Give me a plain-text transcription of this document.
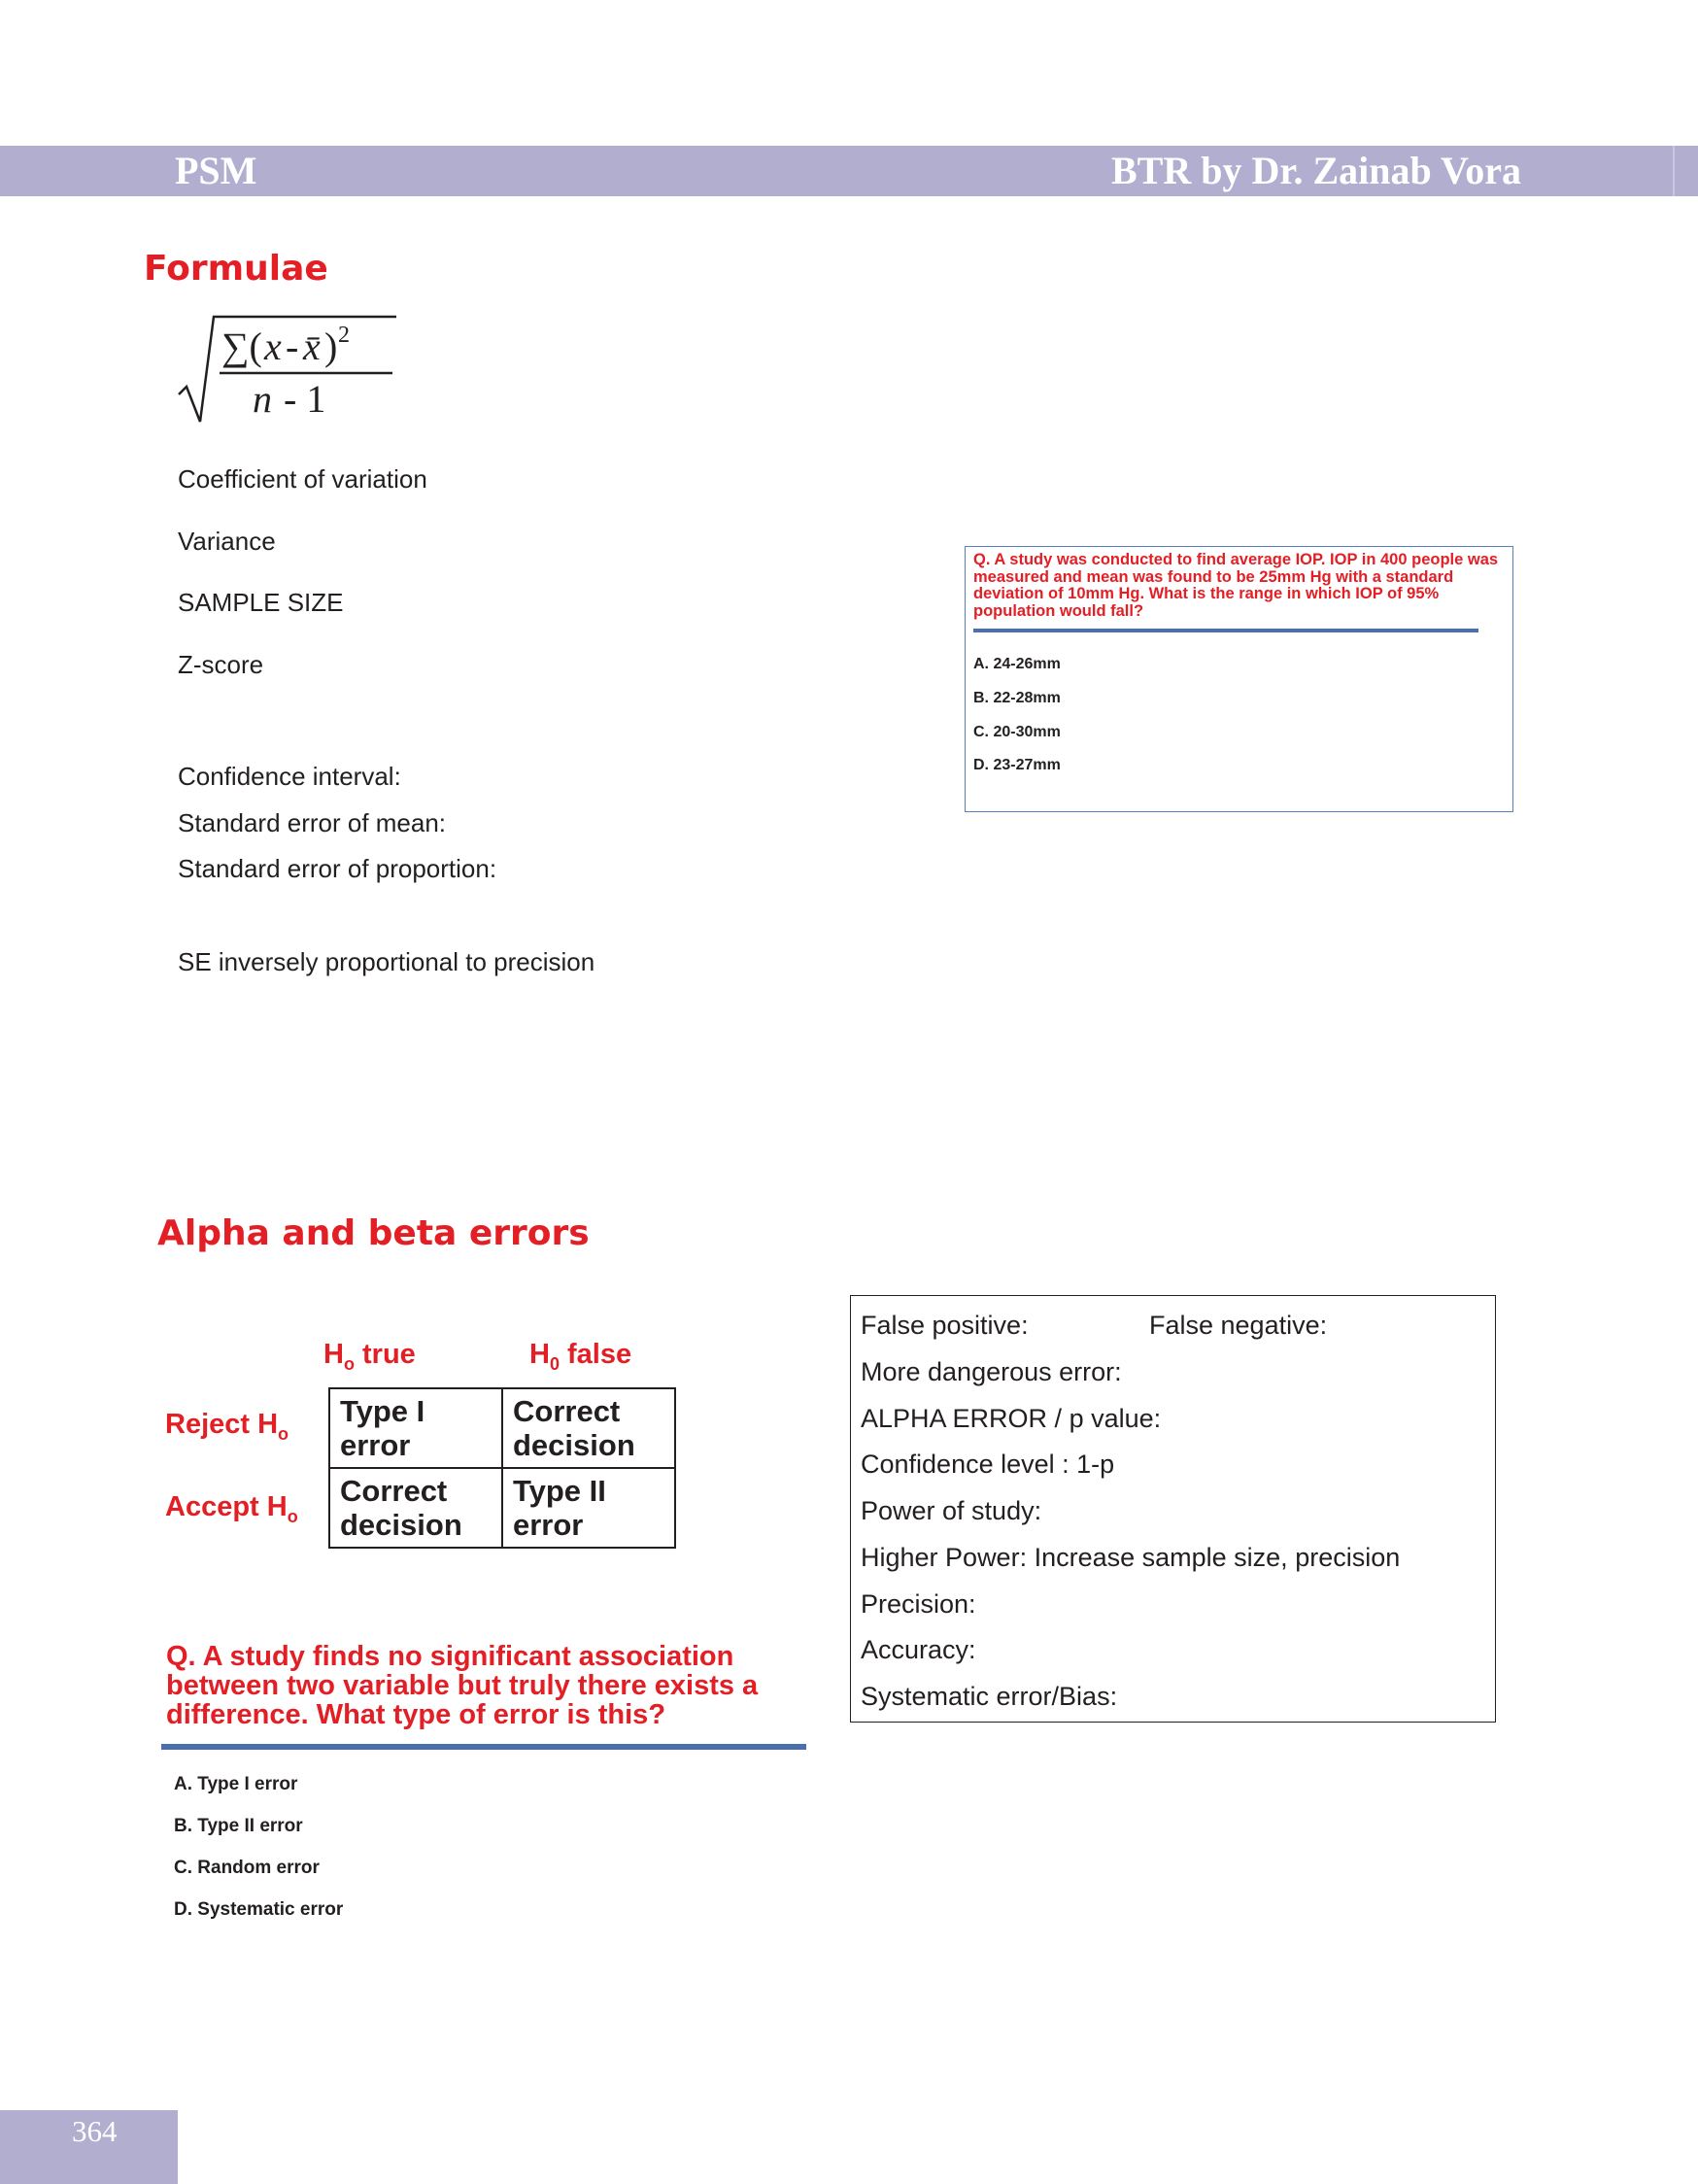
PSM	BTR by Dr. Zainab Vora
Formulae
∑( x - x̄ ) 2
n - 1
Coefficient of variation
Variance
SAMPLE SIZE
Z-score
Confidence interval:
Standard error of mean:
Standard error of proportion:
SE inversely proportional to precision
Q. A study was conducted to find average IOP. IOP in 400 people was measured and mean was found to be 25mm Hg with a standard deviation of 10mm Hg. What is the range in which IOP of 95% population would fall?
A. 24-26mm
B. 22-28mm
C. 20-30mm
D. 23-27mm
Alpha and beta errors
$H_o$ true	$H_0$ false
Reject $H_o$
Accept $H_o$
Type I error	Correct decision
Correct decision	Type II error
Q. A study finds no significant association between two variable but truly there exists a difference. What type of error is this?
A. Type I error
B. Type II error
C. Random error
D. Systematic error
False positive:	False negative:
More dangerous error:
ALPHA ERROR / p value:
Confidence level : 1-p
Power of study:
Higher Power: Increase sample size, precision
Precision:
Accuracy:
Systematic error/Bias:
364
